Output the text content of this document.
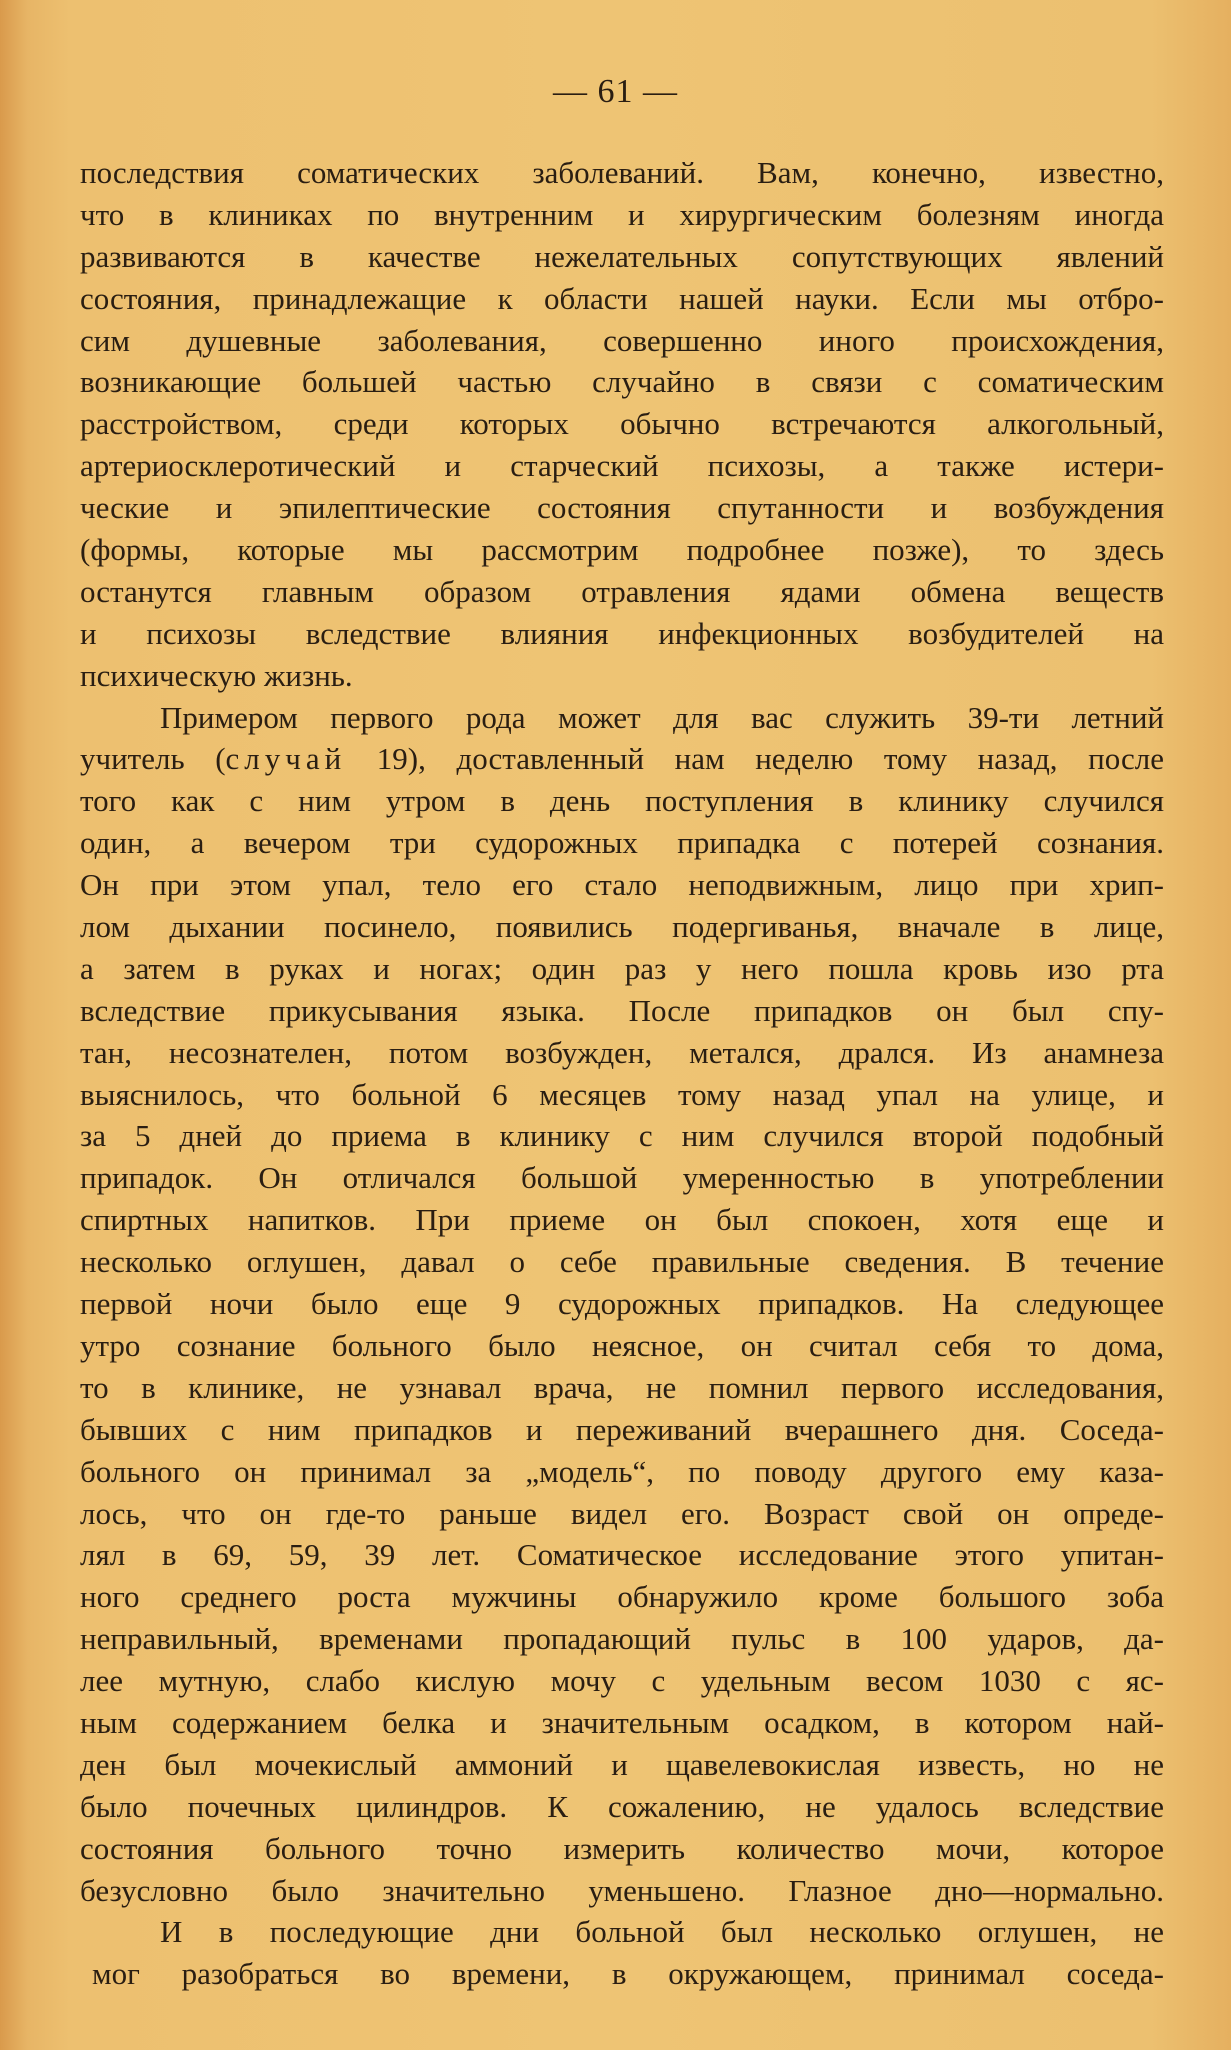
— 61 —
последствия соматических заболеваний. Вам, конечно, известно,
что в клиниках по внутренним и хирургическим болезням иногда
развиваются в качестве нежелательных сопутствующих явлений
состояния, принадлежащие к области нашей науки. Если мы отбро-
сим душевные заболевания, совершенно иного происхождения,
возникающие большей частью случайно в связи с соматическим
расстройством, среди которых обычно встречаются алкогольный,
артериосклеротический и старческий психозы, а также истери-
ческие и эпилептические состояния спутанности и возбуждения
(формы, которые мы рассмотрим подробнее позже), то здесь
останутся главным образом отравления ядами обмена веществ
и психозы вследствие влияния инфекционных возбудителей на
психическую жизнь.
Примером первого рода может для вас служить 39-ти летний
учитель (случай 19), доставленный нам неделю тому назад, после
того как с ним утром в день поступления в клинику случился
один, а вечером три судорожных припадка с потерей сознания.
Он при этом упал, тело его стало неподвижным, лицо при хрип-
лом дыхании посинело, появились подергиванья, вначале в лице,
а затем в руках и ногах; один раз у него пошла кровь изо рта
вследствие прикусывания языка. После припадков он был спу-
тан, несознателен, потом возбужден, метался, дрался. Из анамнеза
выяснилось, что больной 6 месяцев тому назад упал на улице, и
за 5 дней до приема в клинику с ним случился второй подобный
припадок. Он отличался большой умеренностью в употреблении
спиртных напитков. При приеме он был спокоен, хотя еще и
несколько оглушен, давал о себе правильные сведения. В течение
первой ночи было еще 9 судорожных припадков. На следующее
утро сознание больного было неясное, он считал себя то дома,
то в клинике, не узнавал врача, не помнил первого исследования,
бывших с ним припадков и переживаний вчерашнего дня. Соседа-
больного он принимал за „модель“, по поводу другого ему каза-
лось, что он где-то раньше видел его. Возраст свой он опреде-
лял в 69, 59, 39 лет. Соматическое исследование этого упитан-
ного среднего роста мужчины обнаружило кроме большого зоба
неправильный, временами пропадающий пульс в 100 ударов, да-
лее мутную, слабо кислую мочу с удельным весом 1030 с яс-
ным содержанием белка и значительным осадком, в котором най-
ден был мочекислый аммоний и щавелевокислая известь, но не
было почечных цилиндров. К сожалению, не удалось вследствие
состояния больного точно измерить количество мочи, которое
безусловно было значительно уменьшено. Глазное дно—нормально.
И в последующие дни больной был несколько оглушен, не
мог разобраться во времени, в окружающем, принимал соседа-
